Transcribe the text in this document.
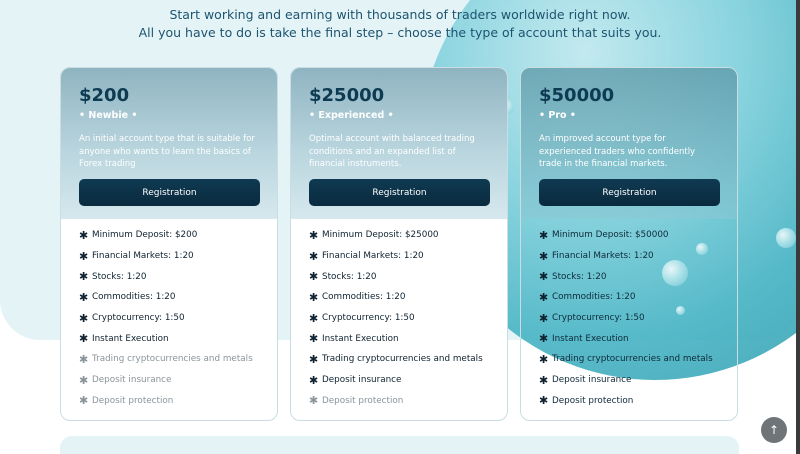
Start working and earning with thousands of traders worldwide right now.
All you have to do is take the final step – choose the type of account that suits you.
$200
• Newbie •
An initial account type that is suitable for anyone who wants to learn the basics of Forex trading
Registration
✱ Minimum Deposit: $200
✱ Financial Markets: 1:20
✱ Stocks: 1:20
✱ Commodities: 1:20
✱ Cryptocurrency: 1:50
✱ Instant Execution
✱ Trading cryptocurrencies and metals
✱ Deposit insurance
✱ Deposit protection
$25000
• Experienced •
Optimal account with balanced trading conditions and an expanded list of financial instruments.
Registration
✱ Minimum Deposit: $25000
✱ Financial Markets: 1:20
✱ Stocks: 1:20
✱ Commodities: 1:20
✱ Cryptocurrency: 1:50
✱ Instant Execution
✱ Trading cryptocurrencies and metals
✱ Deposit insurance
✱ Deposit protection
$50000
• Pro •
An improved account type for experienced traders who confidently trade in the financial markets.
Registration
✱ Minimum Deposit: $50000
✱ Financial Markets: 1:20
✱ Stocks: 1:20
✱ Commodities: 1:20
✱ Cryptocurrency: 1:50
✱ Instant Execution
✱ Trading cryptocurrencies and metals
✱ Deposit insurance
✱ Deposit protection
↑
